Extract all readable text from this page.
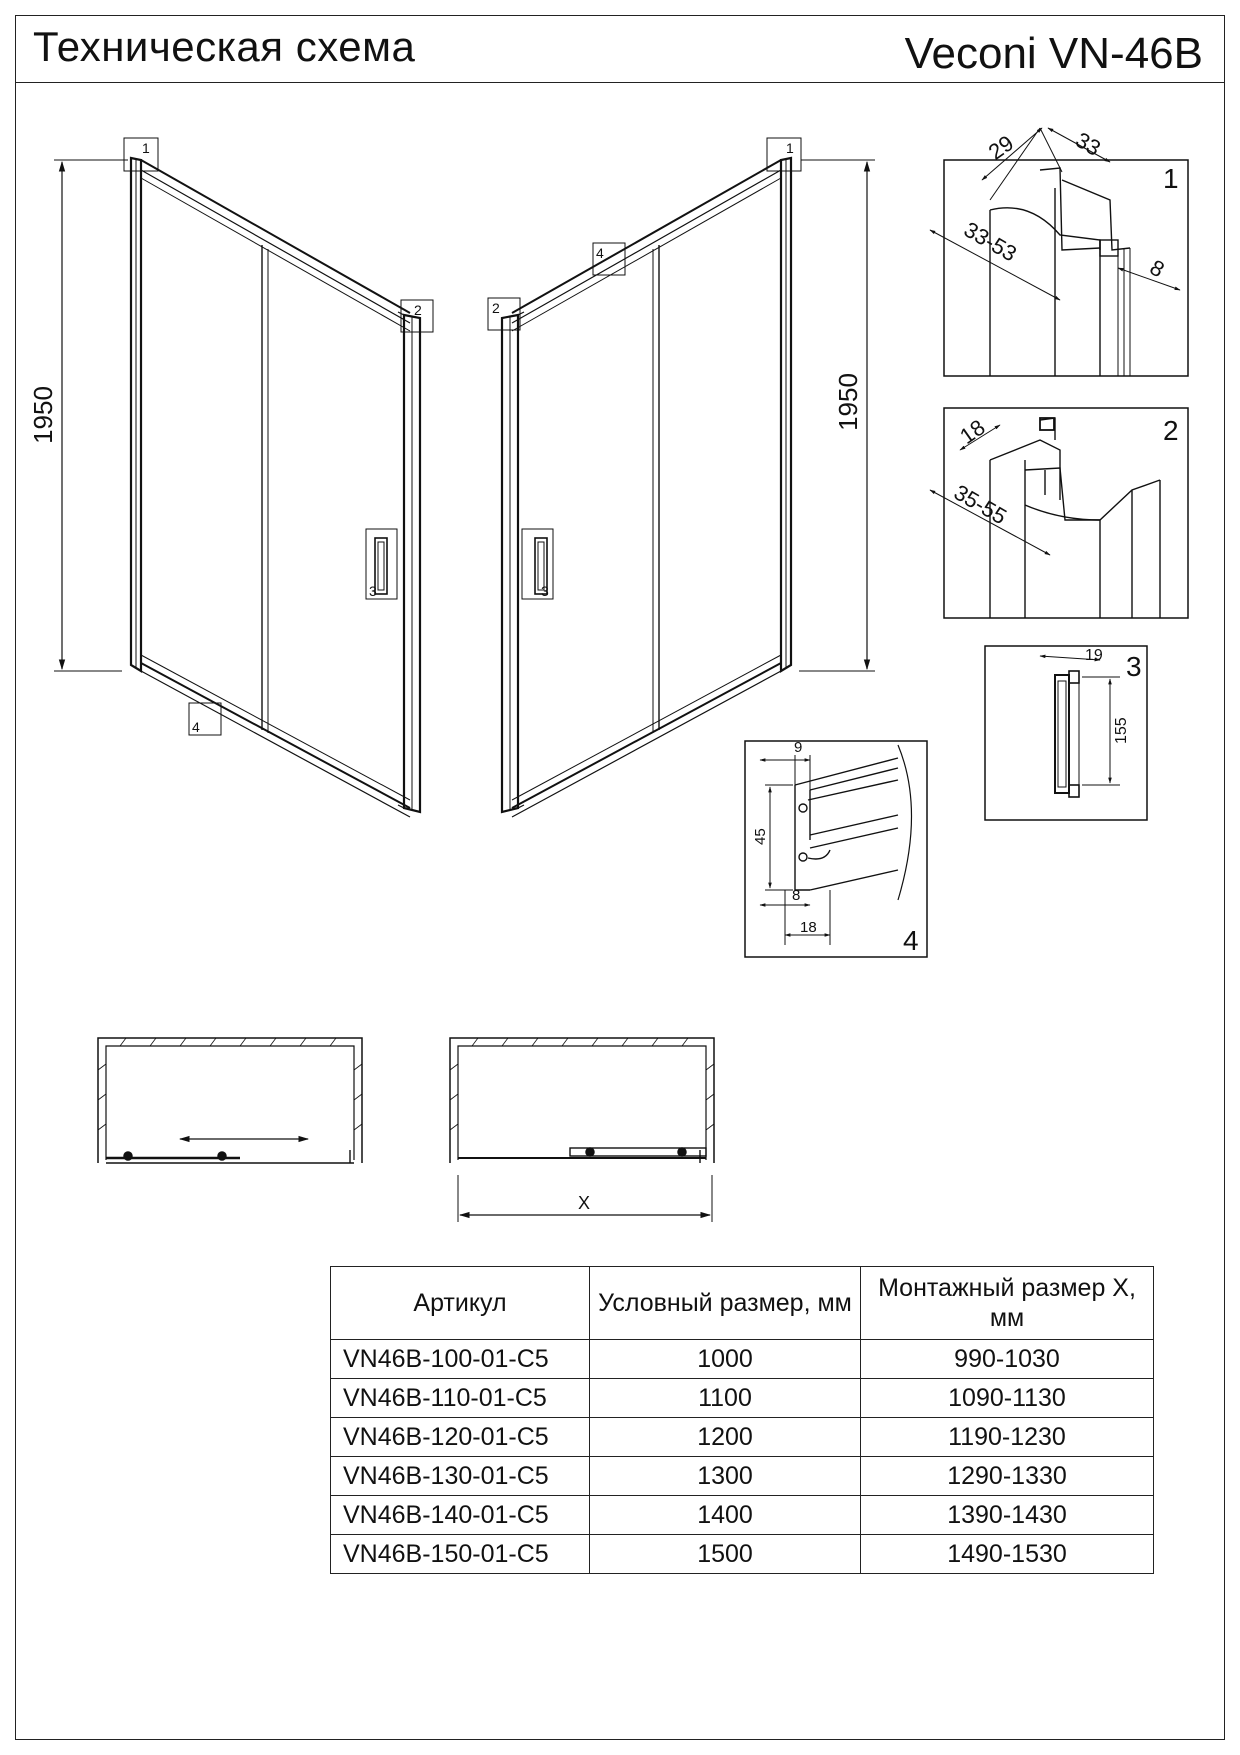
Техническая схема	Veconi VN-46B
1950
1
2
3
4
1950
1
2
3
4
1
29 33
33-53
8
2
18
35-55
3
19
155
4
9
45
8
18
X
Артикул	Условный размер, мм	Монтажный размер X, мм
VN46B-100-01-C5	1000	990-1030
VN46B-110-01-C5	1100	1090-1130
VN46B-120-01-C5	1200	1190-1230
VN46B-130-01-C5	1300	1290-1330
VN46B-140-01-C5	1400	1390-1430
VN46B-150-01-C5	1500	1490-1530
